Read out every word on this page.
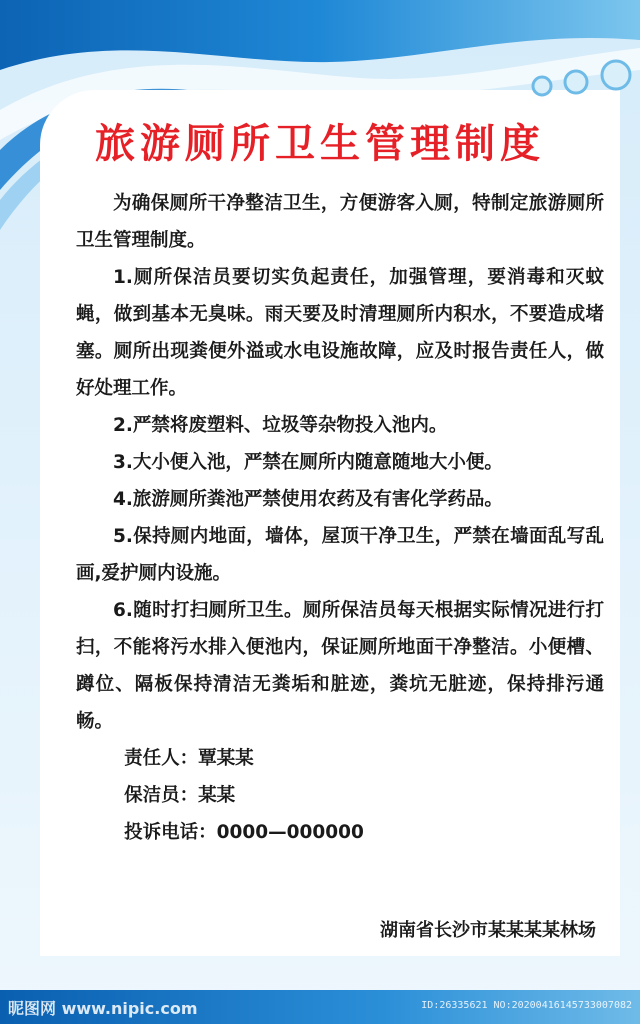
旅游厕所卫生管理制度

为确保厕所干净整洁卫生，方便游客入厕，特制定旅游厕所卫生管理制度。

1.厕所保洁员要切实负起责任，加强管理，要消毒和灭蚊蝇，做到基本无臭味。雨天要及时清理厕所内积水，不要造成堵塞。厕所出现粪便外溢或水电设施故障，应及时报告责任人，做好处理工作。

2.严禁将废塑料、垃圾等杂物投入池内。

3.大小便入池，严禁在厕所内随意随地大小便。

4.旅游厕所粪池严禁使用农药及有害化学药品。

5.保持厕内地面，墙体，屋顶干净卫生，严禁在墙面乱写乱画,爱护厕内设施。

6.随时打扫厕所卫生。厕所保洁员每天根据实际情况进行打扫，不能将污水排入便池内，保证厕所地面干净整洁。小便槽、蹲位、隔板保持清洁无粪垢和脏迹，粪坑无脏迹，保持排污通畅。

责任人：覃某某

保洁员：某某

投诉电话：0000—000000

湖南省长沙市某某某某林场
昵图网 www.nipic.com	ID:26335621 NO:20200416145733007082
